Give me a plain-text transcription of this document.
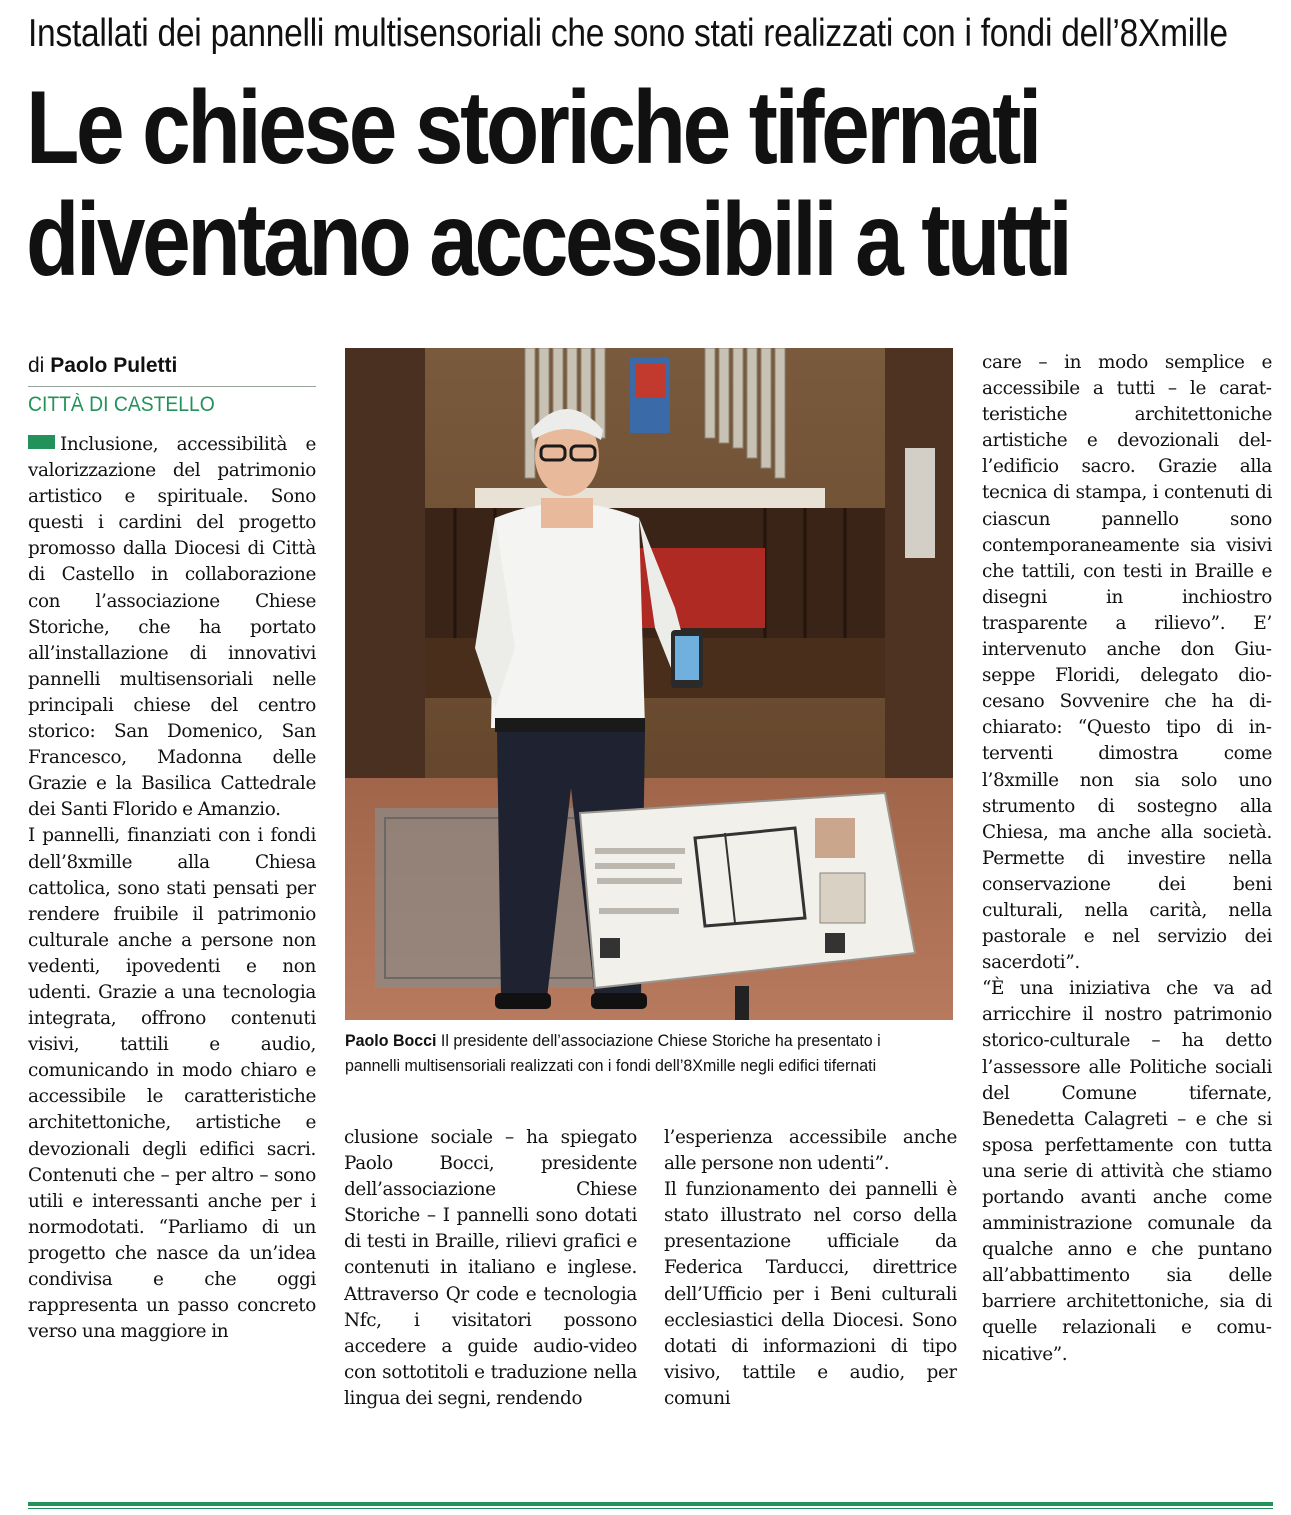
Installati dei pannelli multisensoriali che sono stati realizzati con i fondi dell’8Xmille
Le chiese storiche tifernati
diventano accessibili a tutti
di Paolo Puletti
CITTÀ DI CASTELLO

Inclusione, accessibilità e valorizzazione del patrimonio artistico e spirituale. Sono questi i cardini del progetto promosso dalla Diocesi di Città di Castello in collaborazione con l’associazione Chiese Storiche, che ha portato all’installazione di innovativi pannelli multisensoriali nelle principali chiese del centro storico: San Domenico, San Francesco, Madonna delle Grazie e la Basilica Cattedrale dei Santi Florido e Amanzio.

I pannelli, finanziati con i fondi dell’8xmille alla Chiesa cattolica, sono stati pensati per rendere fruibile il patrimonio culturale anche a persone non vedenti, ipovedenti e non udenti. Grazie a una tecnologia integrata, offrono contenuti visivi, tattili e audio, comunicando in modo chiaro e accessibile le caratteristiche architettoniche, artistiche e devozionali degli edifici sacri. Contenuti che – per altro – sono utili e interessanti anche per i normodotati. “Parliamo di un progetto che nasce da un’idea condivisa e che oggi rappresenta un passo concreto verso una maggiore in

Paolo Bocci Il presidente dell’associazione Chiese Storiche ha presentato i pannelli multisensoriali realizzati con i fondi dell’8Xmille negli edifici tifernati

clusione sociale – ha spiegato Paolo Bocci, presidente dell’associazione Chiese Storiche – I pannelli sono dotati di testi in Braille, rilievi grafici e contenuti in italiano e inglese. Attraverso Qr code e tecnologia Nfc, i visitatori possono accedere a guide audio-video con sottotitoli e traduzione nella lingua dei segni, rendendo

l’esperienza accessibile anche alle persone non udenti”.

Il funzionamento dei pannelli è stato illustrato nel corso della presentazione ufficiale da Federica Tarducci, direttrice dell’Ufficio per i Beni culturali ecclesiastici della Diocesi. Sono dotati di informazioni di tipo visivo, tattile e audio, per comuni

care – in modo semplice e accessibile a tutti – le caratteristiche architettoniche artistiche e devozionali dell’edificio sacro. Grazie alla tecnica di stampa, i contenuti di ciascun pannello sono contemporaneamente sia visivi che tattili, con testi in Braille e disegni in inchiostro trasparente a rilievo”. E’ intervenuto anche don Giuseppe Floridi, delegato diocesano Sovvenire che ha dichiarato: “Questo tipo di interventi dimostra come l’8xmille non sia solo uno strumento di sostegno alla Chiesa, ma anche alla società. Permette di investire nella conservazione dei beni culturali, nella carità, nella pastorale e nel servizio dei sacerdoti”.

“È una iniziativa che va ad arricchire il nostro patrimonio storico-culturale – ha detto l’assessore alle Politiche sociali del Comune tifernate, Benedetta Calagreti – e che si sposa perfettamente con tutta una serie di attività che stiamo portando avanti anche come amministrazione comunale da qualche anno e che puntano all’abbattimento sia delle barriere architettoniche, sia di quelle relazionali e comunicative”.
